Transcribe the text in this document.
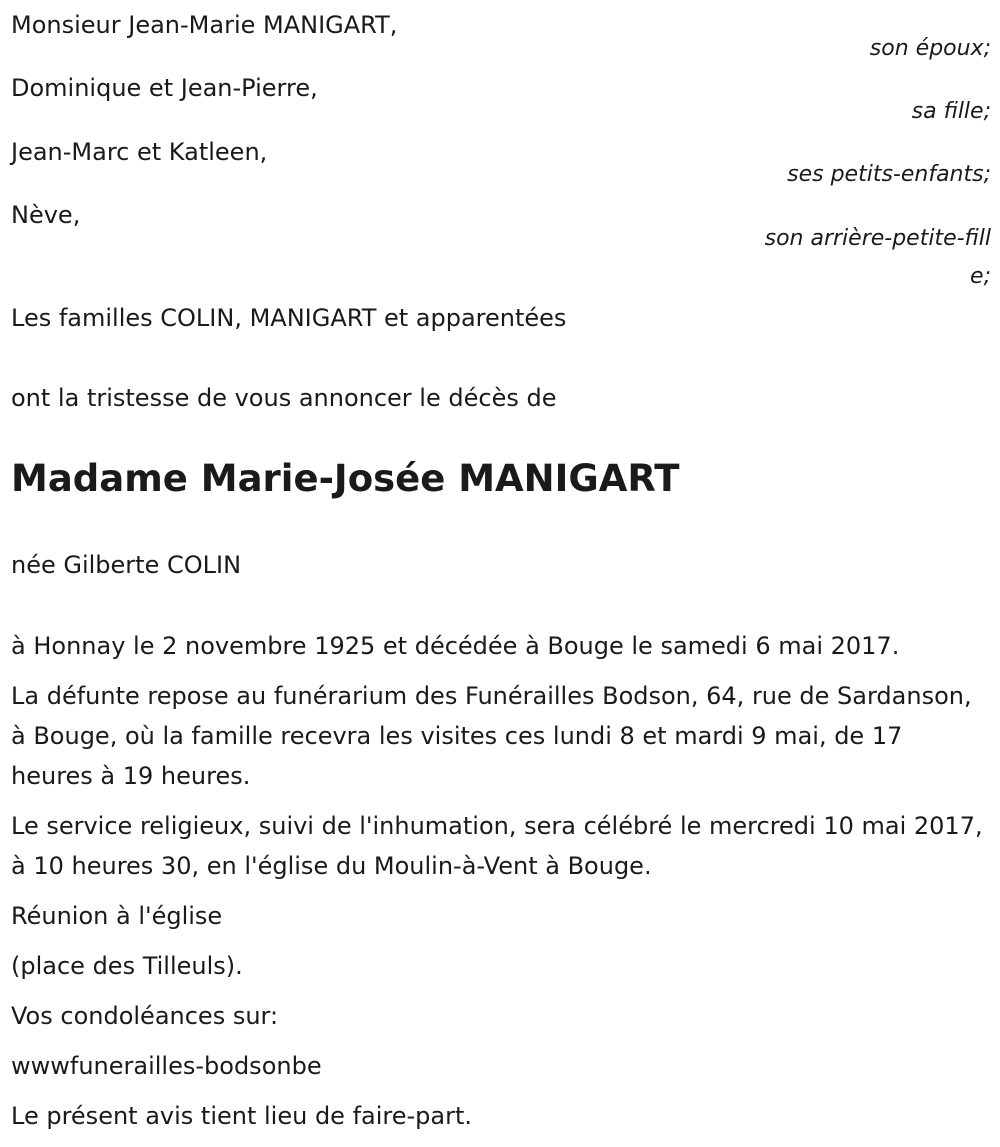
Monsieur Jean-Marie MANIGART,

son époux;

Dominique et Jean-Pierre,

sa fille;

Jean-Marc et Katleen,

ses petits-enfants;

Nève,

son arrière-petite-fille;

Les familles COLIN, MANIGART et apparentées

ont la tristesse de vous annoncer le décès de

Madame Marie-Josée MANIGART

née Gilberte COLIN

à Honnay le 2 novembre 1925 et décédée à Bouge le samedi 6 mai 2017.

La défunte repose au funérarium des Funérailles Bodson, 64, rue de Sardanson, à Bouge, où la famille recevra les visites ces lundi 8 et mardi 9 mai, de 17 heures à 19 heures.

Le service religieux, suivi de l'inhumation, sera célébré le mercredi 10 mai 2017, à 10 heures 30, en l'église du Moulin-à-Vent à Bouge.

Réunion à l'église

(place des Tilleuls).

Vos condoléances sur:

wwwfunerailles-bodsonbe

Le présent avis tient lieu de faire-part.
